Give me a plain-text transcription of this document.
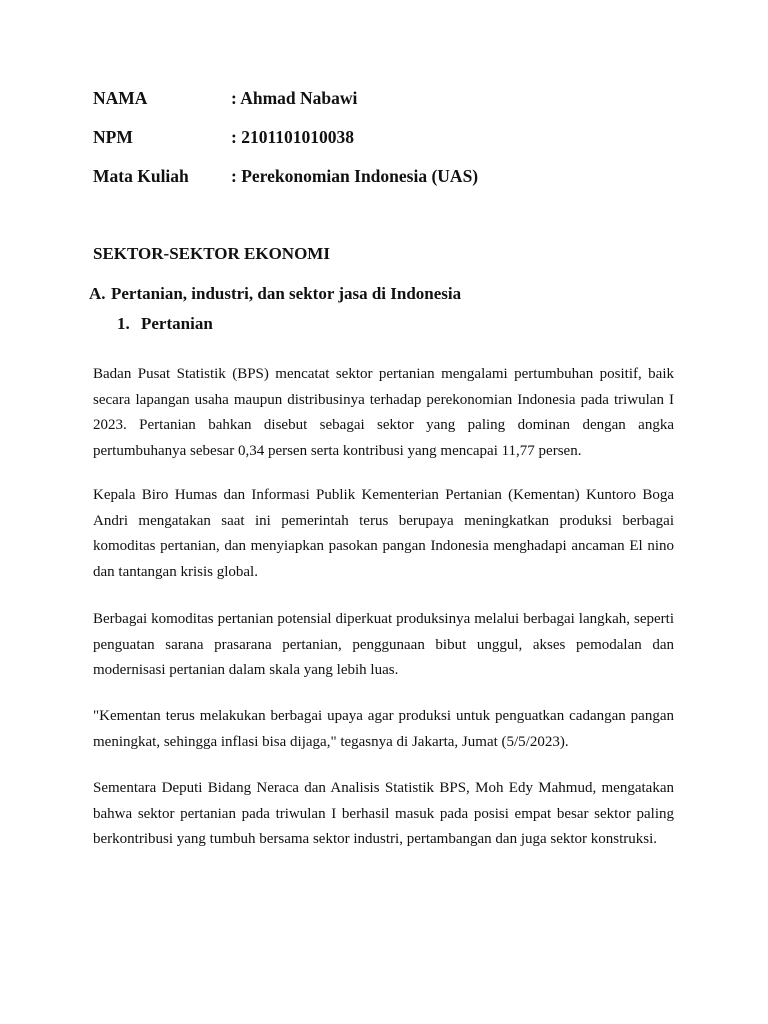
NAMA	: Ahmad Nabawi
NPM	: 2101101010038
Mata Kuliah : Perekonomian Indonesia (UAS)
SEKTOR-SEKTOR EKONOMI
A. Pertanian, industri, dan sektor jasa di Indonesia
1. Pertanian

Badan Pusat Statistik (BPS) mencatat sektor pertanian mengalami pertumbuhan positif, baik secara lapangan usaha maupun distribusinya terhadap perekonomian Indonesia pada triwulan I 2023. Pertanian bahkan disebut sebagai sektor yang paling dominan dengan angka pertumbuhanya sebesar 0,34 persen serta kontribusi yang mencapai 11,77 persen.

Kepala Biro Humas dan Informasi Publik Kementerian Pertanian (Kementan) Kuntoro Boga Andri mengatakan saat ini pemerintah terus berupaya meningkatkan produksi berbagai komoditas pertanian, dan menyiapkan pasokan pangan Indonesia menghadapi ancaman El nino dan tantangan krisis global.

Berbagai komoditas pertanian potensial diperkuat produksinya melalui berbagai langkah, seperti penguatan sarana prasarana pertanian, penggunaan bibut unggul, akses pemodalan dan modernisasi pertanian dalam skala yang lebih luas.

"Kementan terus melakukan berbagai upaya agar produksi untuk penguatkan cadangan pangan meningkat, sehingga inflasi bisa dijaga," tegasnya di Jakarta, Jumat (5/5/2023).

Sementara Deputi Bidang Neraca dan Analisis Statistik BPS, Moh Edy Mahmud, mengatakan bahwa sektor pertanian pada triwulan I berhasil masuk pada posisi empat besar sektor paling berkontribusi yang tumbuh bersama sektor industri, pertambangan dan juga sektor konstruksi.
